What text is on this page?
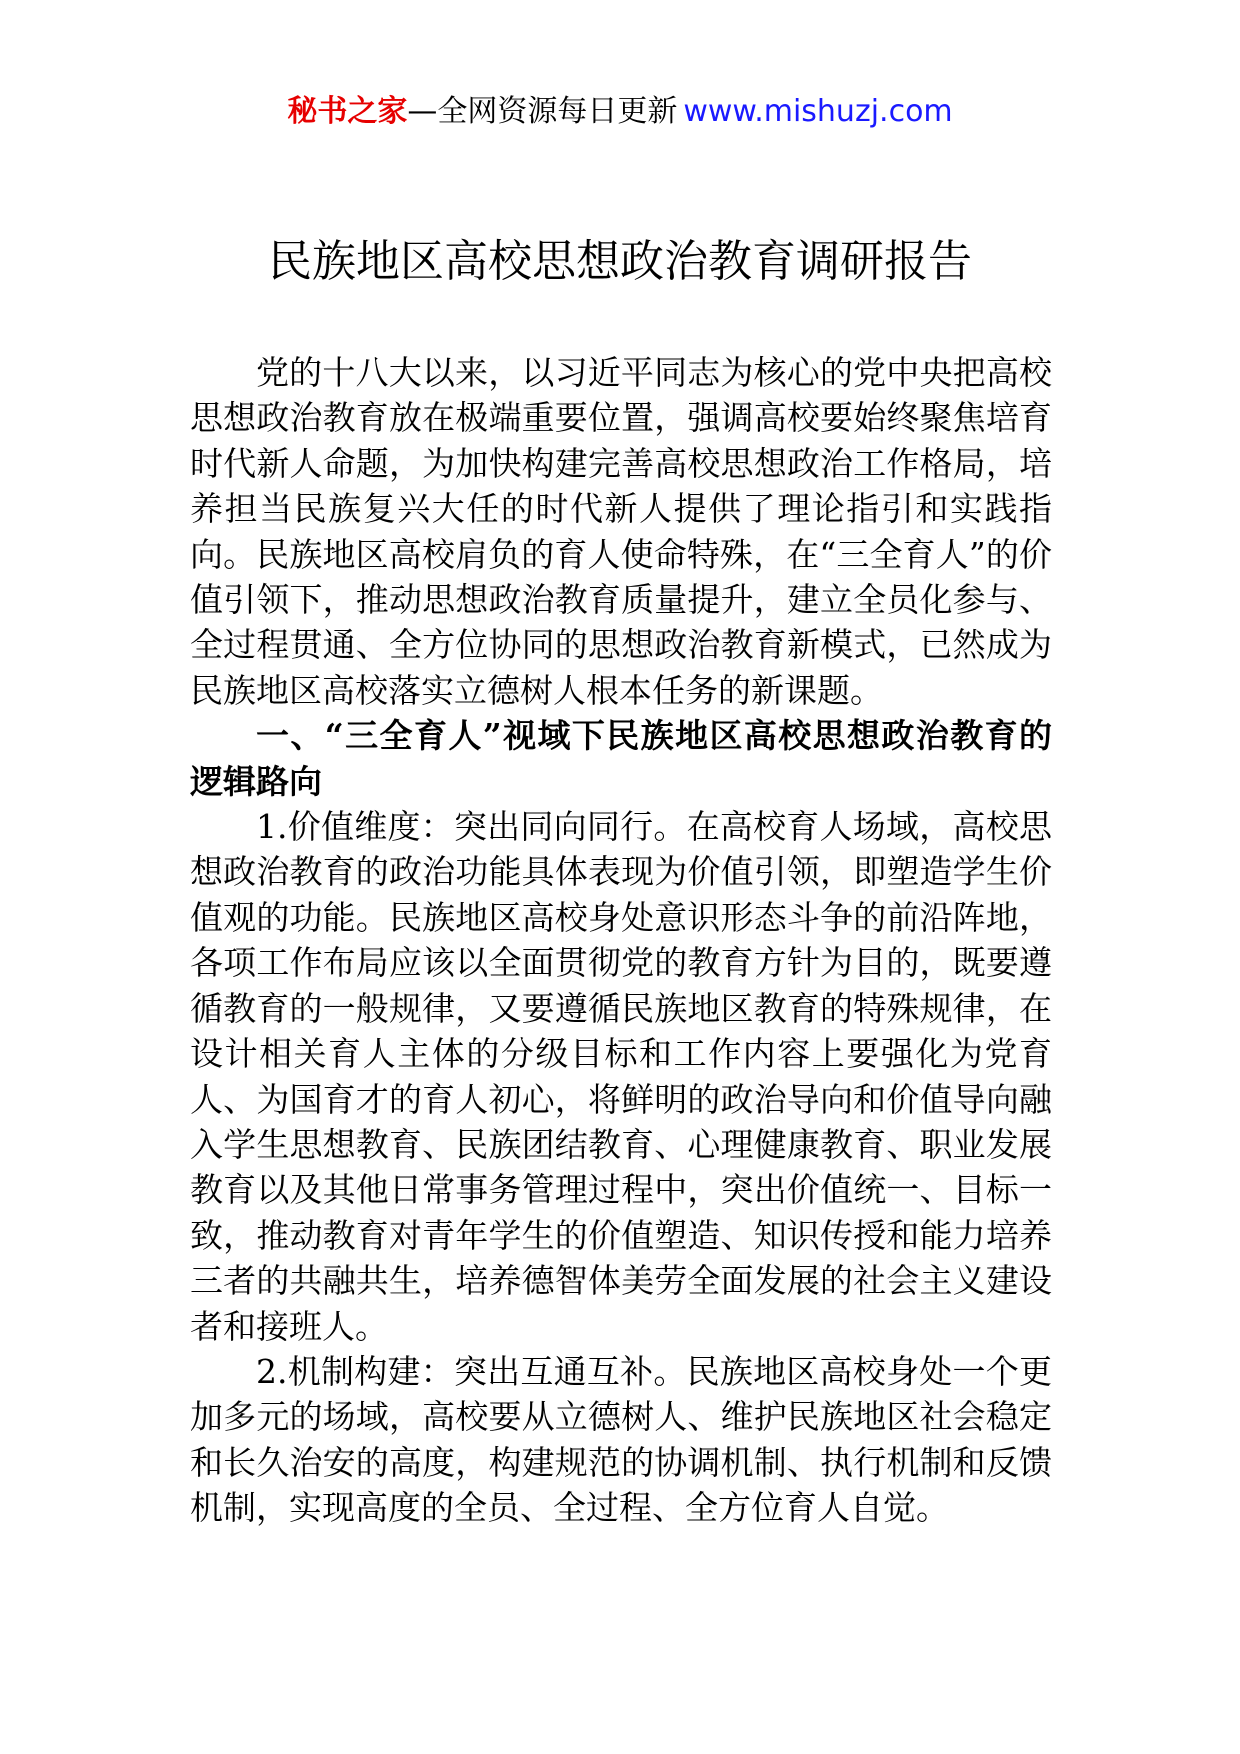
秘书之家—全网资源每日更新 www.mishuzj.com
民族地区高校思想政治教育调研报告

党的十八大以来，以习近平同志为核心的党中央把高校思想政治教育放在极端重要位置，强调高校要始终聚焦培育时代新人命题，为加快构建完善高校思想政治工作格局，培养担当民族复兴大任的时代新人提供了理论指引和实践指向。民族地区高校肩负的育人使命特殊，在“三全育人”的价值引领下，推动思想政治教育质量提升，建立全员化参与、全过程贯通、全方位协同的思想政治教育新模式，已然成为民族地区高校落实立德树人根本任务的新课题。

一、“三全育人”视域下民族地区高校思想政治教育的逻辑路向

1.价值维度：突出同向同行。在高校育人场域，高校思想政治教育的政治功能具体表现为价值引领，即塑造学生价值观的功能。民族地区高校身处意识形态斗争的前沿阵地，各项工作布局应该以全面贯彻党的教育方针为目的，既要遵循教育的一般规律，又要遵循民族地区教育的特殊规律，在设计相关育人主体的分级目标和工作内容上要强化为党育人、为国育才的育人初心，将鲜明的政治导向和价值导向融入学生思想教育、民族团结教育、心理健康教育、职业发展教育以及其他日常事务管理过程中，突出价值统一、目标一致，推动教育对青年学生的价值塑造、知识传授和能力培养三者的共融共生，培养德智体美劳全面发展的社会主义建设者和接班人。

2.机制构建：突出互通互补。民族地区高校身处一个更加多元的场域，高校要从立德树人、维护民族地区社会稳定和长久治安的高度，构建规范的协调机制、执行机制和反馈机制，实现高度的全员、全过程、全方位育人自觉。
